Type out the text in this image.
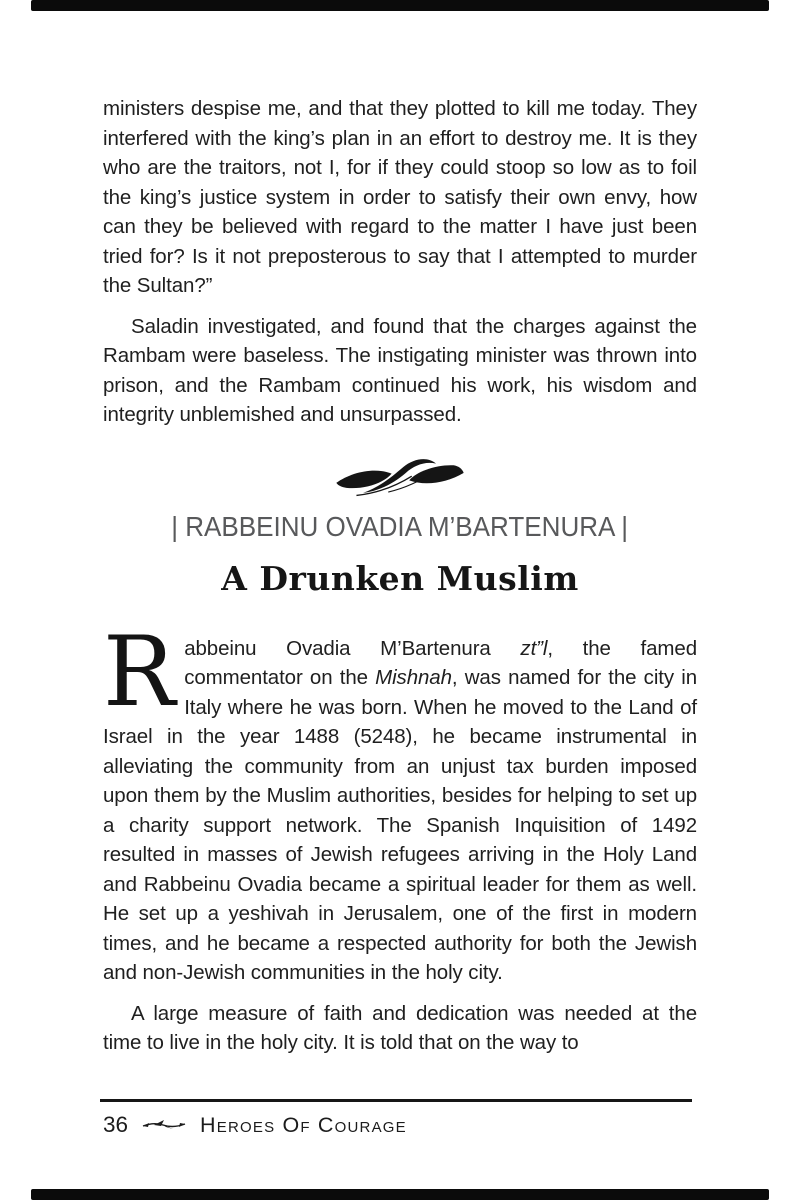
ministers despise me, and that they plotted to kill me today. They interfered with the king’s plan in an effort to destroy me. It is they who are the traitors, not I, for if they could stoop so low as to foil the king’s justice system in order to satisfy their own envy, how can they be believed with regard to the matter I have just been tried for? Is it not preposterous to say that I attempted to murder the Sultan?”

Saladin investigated, and found that the charges against the Rambam were baseless. The instigating minister was thrown into prison, and the Rambam continued his work, his wisdom and integrity unblemished and unsurpassed.

| RABBEINU OVADIA M’BARTENURA |
A Drunken Muslim

Rabbeinu Ovadia M’Bartenura zt”l, the famed commentator on the Mishnah, was named for the city in Italy where he was born. When he moved to the Land of Israel in the year 1488 (5248), he became instrumental in alleviating the community from an unjust tax burden imposed upon them by the Muslim authorities, besides for helping to set up a charity support network. The Spanish Inquisition of 1492 resulted in masses of Jewish refugees arriving in the Holy Land and Rabbeinu Ovadia became a spiritual leader for them as well. He set up a yeshivah in Jerusalem, one of the first in modern times, and he became a respected authority for both the Jewish and non-Jewish communities in the holy city.

A large measure of faith and dedication was needed at the time to live in the holy city. It is told that on the way to

36	Heroes Of Courage
